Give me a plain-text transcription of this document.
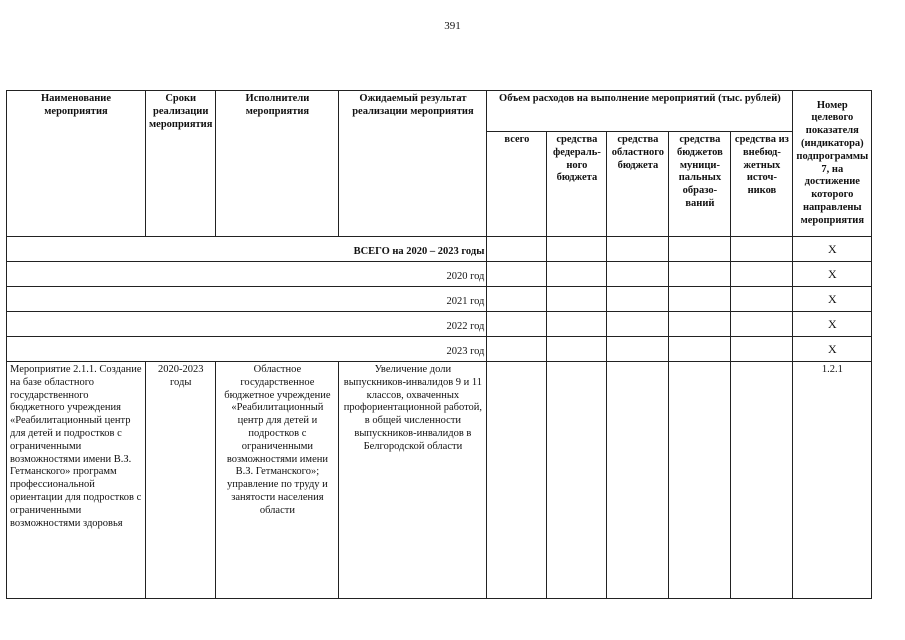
391
Наименование мероприятия	Сроки реализации мероприятия	Исполнители мероприятия	Ожидаемый результат реализации мероприятия	Объем расходов на выполнение мероприятий (тыс. рублей)					Номер целевого показателя (индикатора) подпрограммы 7, на достижение которого направлены мероприятия
				всего	средства федераль-ного бюджета	средства областного бюджета	средства бюджетов муници-пальных образо-ваний	средства из внебюд-жетных источ-ников	
ВСЕГО на 2020 – 2023 годы									Х
2020 год									Х
2021 год									Х
2022 год									Х
2023 год									Х
Мероприятие 2.1.1. Создание на базе областного государственного бюджетного учреждения «Реабилитационный центр для детей и подростков с ограниченными возможностями имени В.З. Гетманского» программ профессиональной ориентации для подростков с ограниченными возможностями здоровья	2020-2023 годы	Областное государственное бюджетное учреждение «Реабилитационный центр для детей и подростков с ограниченными возможностями имени В.З. Гетманского»; управление по труду и занятости населения области	Увеличение доли выпускников-инвалидов 9 и 11 классов, охваченных профориентационной работой, в общей численности выпускников-инвалидов в Белгородской области						1.2.1
